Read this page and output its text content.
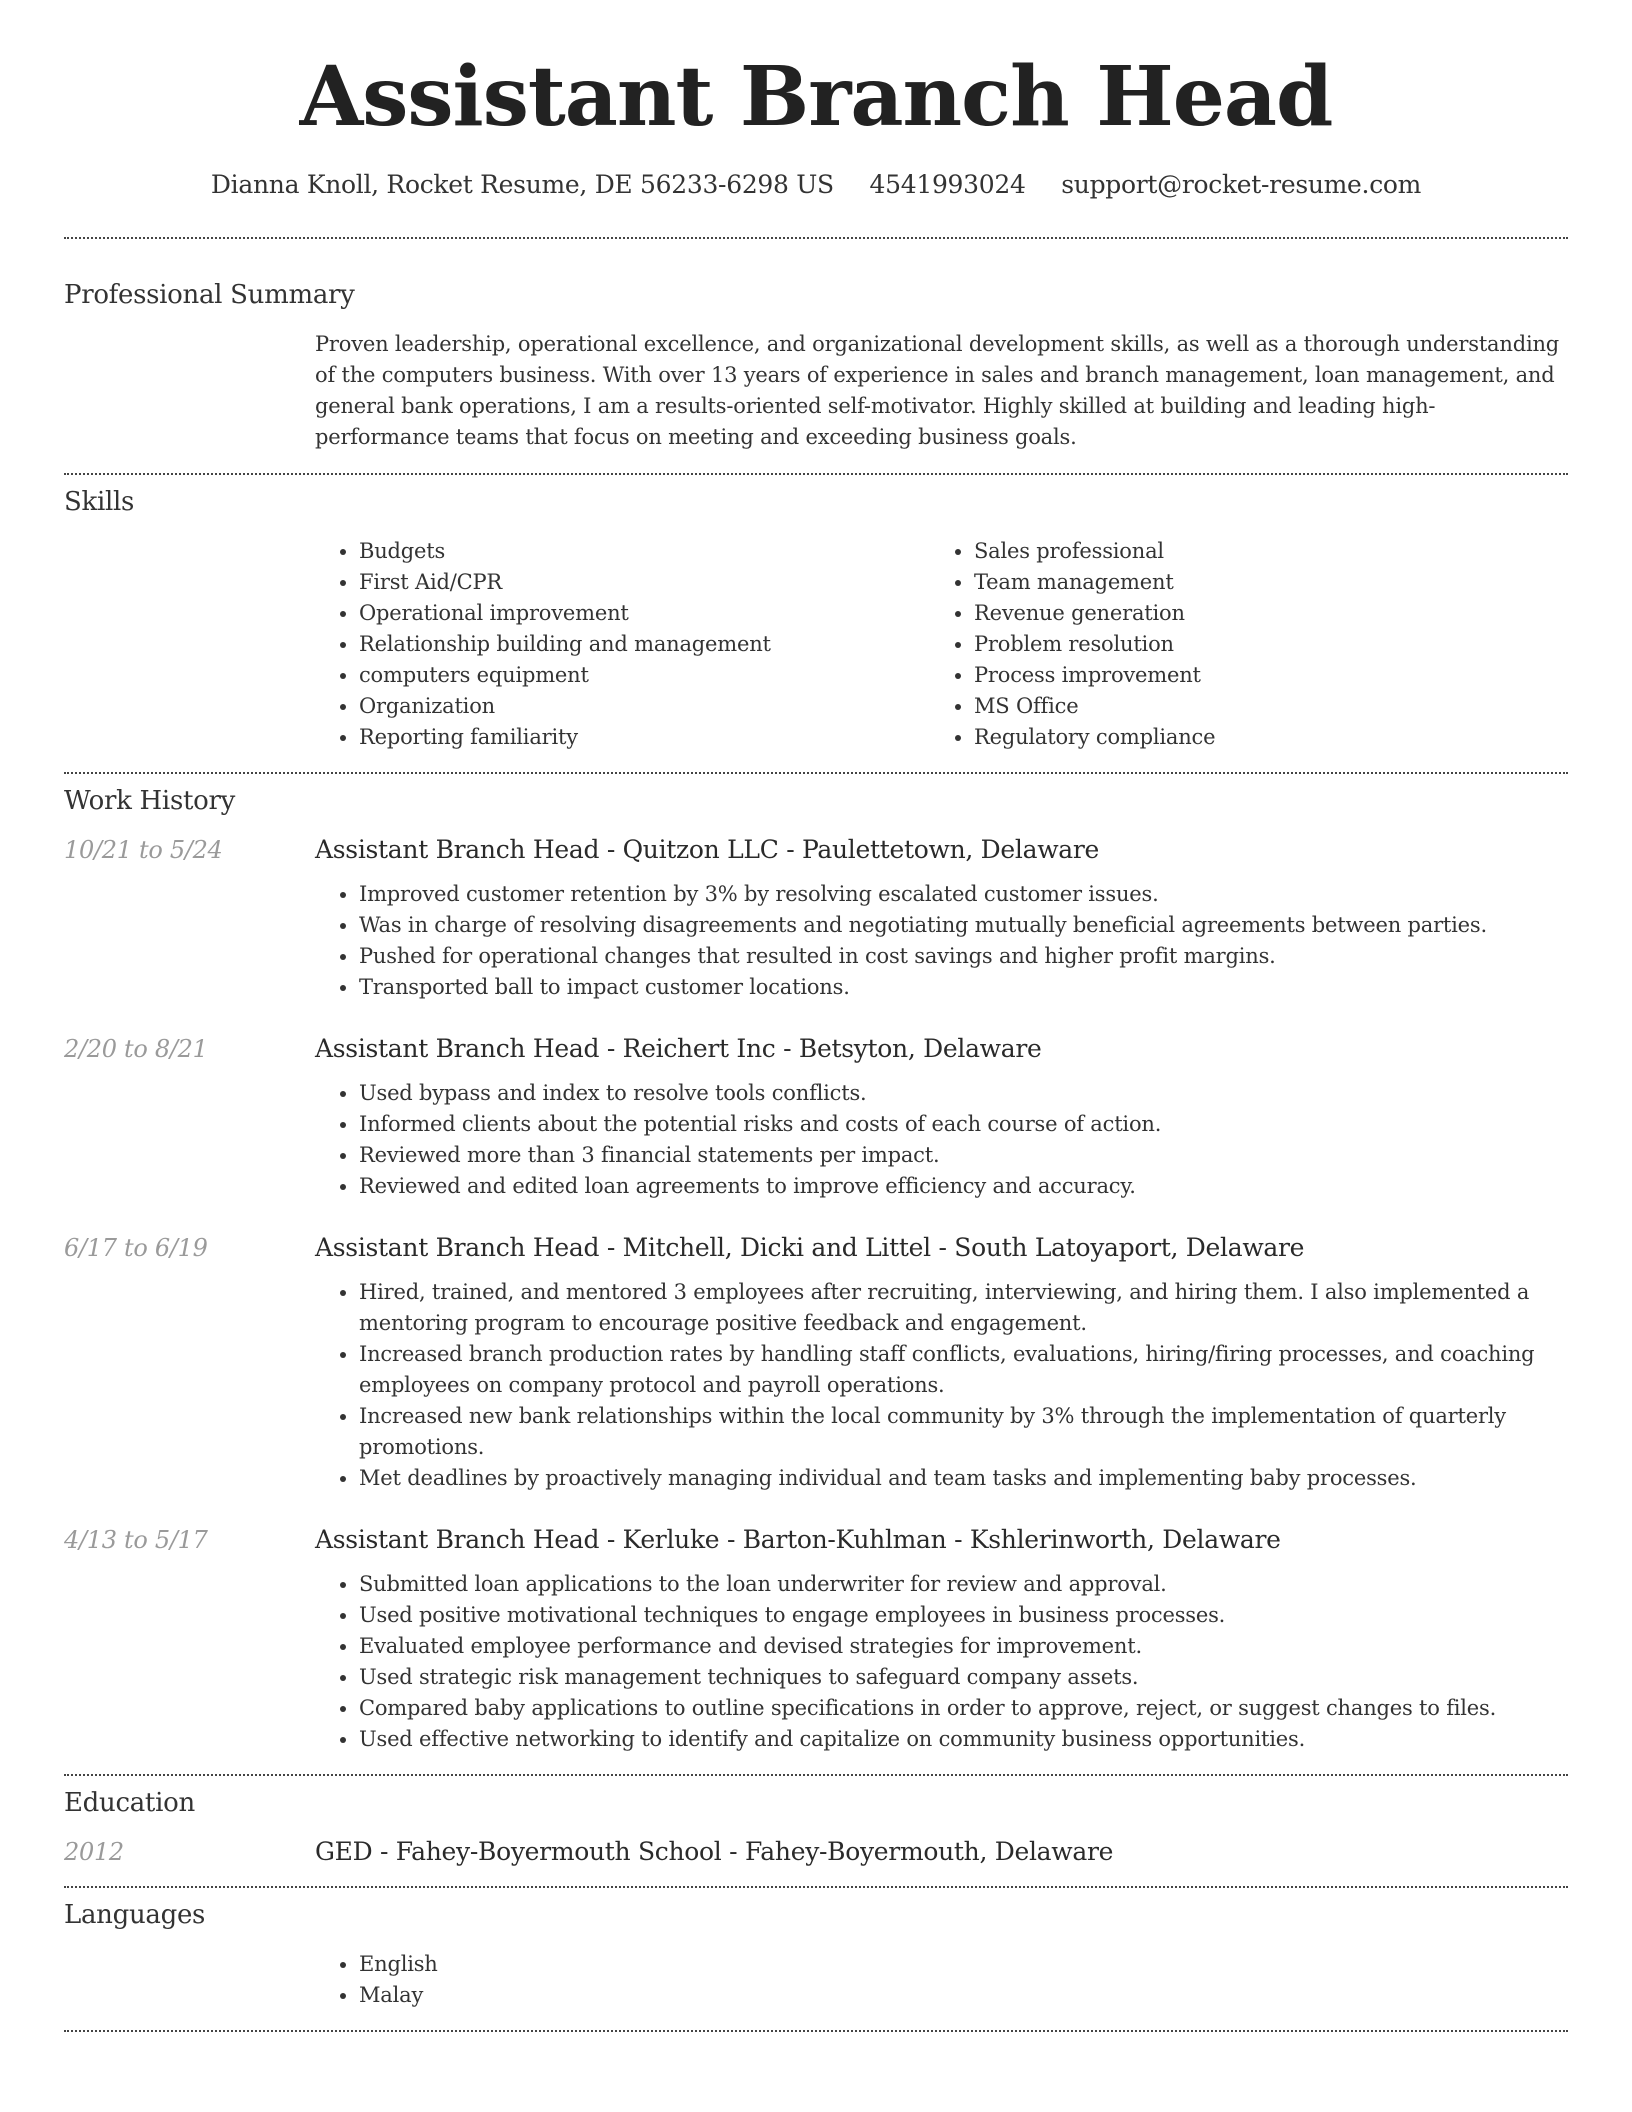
Assistant Branch Head
Dianna Knoll, Rocket Resume, DE 56233-6298 US 4541993024 support@rocket-resume.com
Professional Summary
Proven leadership, operational excellence, and organizational development skills, as well as a thorough understanding of the computers business. With over 13 years of experience in sales and branch management, loan management, and general bank operations, I am a results-oriented self-motivator. Highly skilled at building and leading high-performance teams that focus on meeting and exceeding business goals.
Skills
• Budgets
• First Aid/CPR
• Operational improvement
• Relationship building and management
• computers equipment
• Organization
• Reporting familiarity
• Sales professional
• Team management
• Revenue generation
• Problem resolution
• Process improvement
• MS Office
• Regulatory compliance
Work History
10/21 to 5/24	Assistant Branch Head - Quitzon LLC - Paulettetown, Delaware
• Improved customer retention by 3% by resolving escalated customer issues.
• Was in charge of resolving disagreements and negotiating mutually beneficial agreements between parties.
• Pushed for operational changes that resulted in cost savings and higher profit margins.
• Transported ball to impact customer locations.
2/20 to 8/21	Assistant Branch Head - Reichert Inc - Betsyton, Delaware
• Used bypass and index to resolve tools conflicts.
• Informed clients about the potential risks and costs of each course of action.
• Reviewed more than 3 financial statements per impact.
• Reviewed and edited loan agreements to improve efficiency and accuracy.
6/17 to 6/19	Assistant Branch Head - Mitchell, Dicki and Littel - South Latoyaport, Delaware
• Hired, trained, and mentored 3 employees after recruiting, interviewing, and hiring them. I also implemented a mentoring program to encourage positive feedback and engagement.
• Increased branch production rates by handling staff conflicts, evaluations, hiring/firing processes, and coaching employees on company protocol and payroll operations.
• Increased new bank relationships within the local community by 3% through the implementation of quarterly promotions.
• Met deadlines by proactively managing individual and team tasks and implementing baby processes.
4/13 to 5/17	Assistant Branch Head - Kerluke - Barton-Kuhlman - Kshlerinworth, Delaware
• Submitted loan applications to the loan underwriter for review and approval.
• Used positive motivational techniques to engage employees in business processes.
• Evaluated employee performance and devised strategies for improvement.
• Used strategic risk management techniques to safeguard company assets.
• Compared baby applications to outline specifications in order to approve, reject, or suggest changes to files.
• Used effective networking to identify and capitalize on community business opportunities.
Education
2012	GED - Fahey-Boyermouth School - Fahey-Boyermouth, Delaware
Languages
• English
• Malay
